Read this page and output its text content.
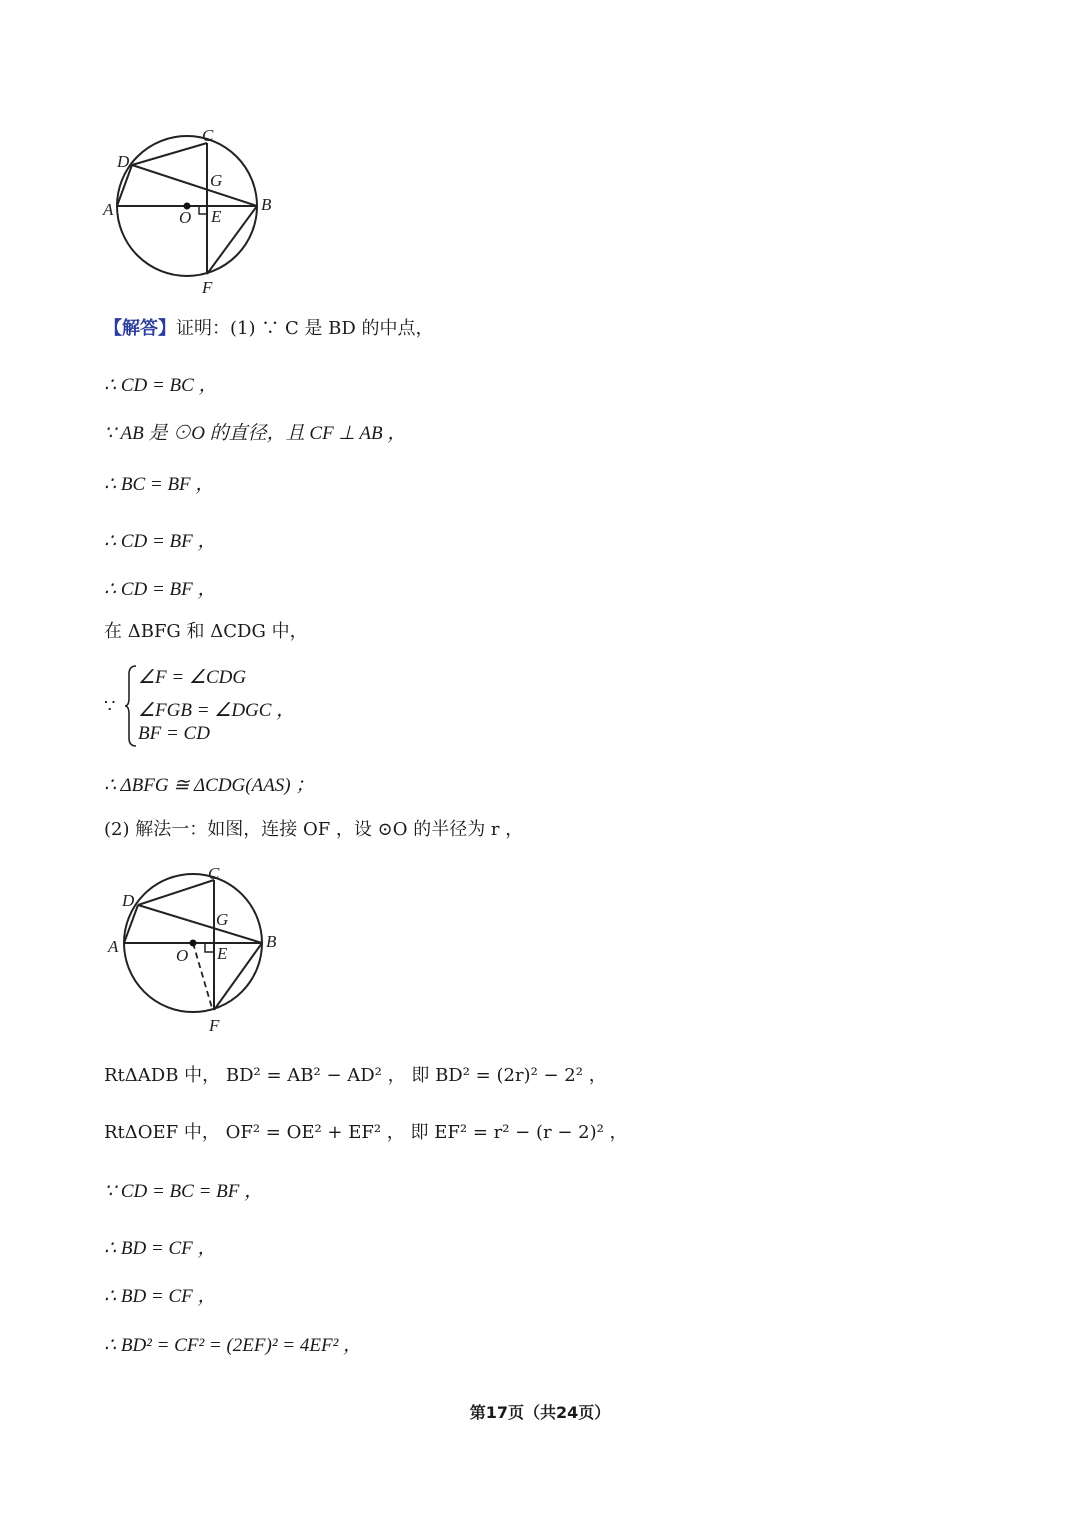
C
D
G
A	O E
B
F
【解答】证明：(1) ∵ C 是 BD 的中点，
∴ CD = BC ，
∵ AB 是 ⊙O 的直径，且 CF ⊥ AB ，
∴ BC = BF ，
∴ CD = BF ，
∴ CD = BF ，
在 ΔBFG 和 ΔCDG 中，
∵
∠F = ∠CDG
∠FGB = ∠DGC ，
BF = CD
∴ ΔBFG ≅ ΔCDG(AAS) ；
(2) 解法一：如图，连接 OF ，设 ⊙O 的半径为 r ，
C
D
G
A	O E
B
F
RtΔADB 中， BD² = AB² − AD² ， 即 BD² = (2r)² − 2² ，
RtΔOEF 中， OF² = OE² + EF² ， 即 EF² = r² − (r − 2)² ，
∵ CD = BC = BF ，
∴ BD = CF ，
∴ BD = CF ，
∴ BD² = CF² = (2EF)² = 4EF² ，
第17页（共24页）
